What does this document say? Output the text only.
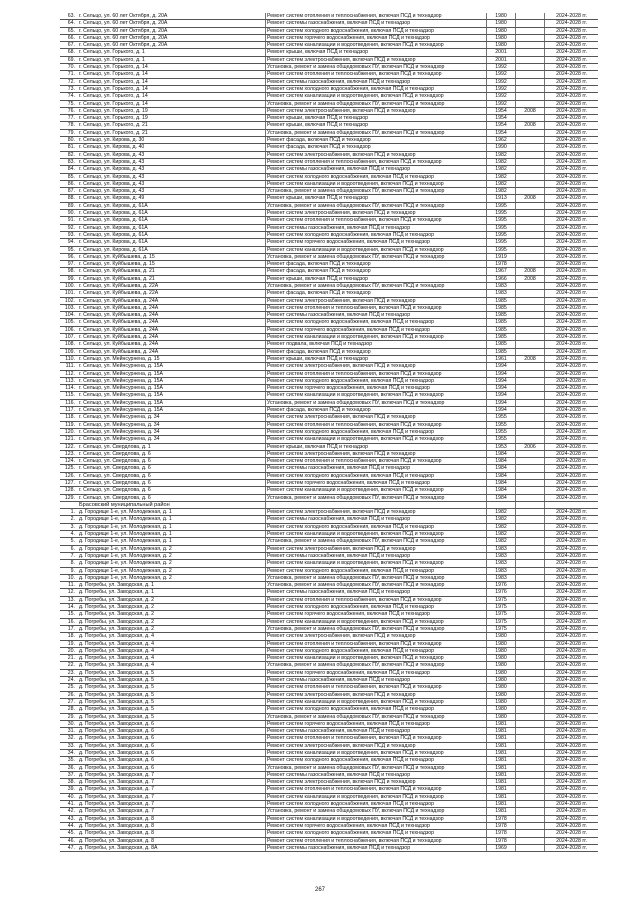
63.	г. Сельцо, ул. 60 лет Октября, д. 20А	Ремонт систем отопления и теплоснабжения, включая ПСД и технадзор	1980		2024-2028 гг.
64.	г. Сельцо, ул. 60 лет Октября, д. 20А	Ремонт системы газоснабжения, включая ПСД и технадзор	1980		2024-2028 гг.
65.	г. Сельцо, ул. 60 лет Октября, д. 20А	Ремонт систем холодного водоснабжения, включая ПСД и технадзор	1980		2024-2028 гг.
66.	г. Сельцо, ул. 60 лет Октября, д. 20А	Ремонт систем горячего водоснабжения, включая ПСД и технадзор	1980		2024-2028 гг.
67.	г. Сельцо, ул. 60 лет Октября, д. 20А	Ремонт систем канализации и водоотведения, включая ПСД и технадзор	1980		2024-2028 гг.
68.	г. Сельцо, ул. Горького, д. 1	Ремонт крыши, включая ПСД и технадзор	2001		2024-2028 гг.
69.	г. Сельцо, ул. Горького, д. 1	Ремонт систем электроснабжения, включая ПСД и технадзор	2001		2024-2028 гг.
70.	г. Сельцо, ул. Горького, д. 14	Установка, ремонт и замена общедомовых ПУ, включая ПСД и технадзор	1992		2024-2028 гг.
71.	г. Сельцо, ул. Горького, д. 14	Ремонт систем отопления и теплоснабжения, включая ПСД и технадзор	1992		2024-2028 гг.
72.	г. Сельцо, ул. Горького, д. 14	Ремонт системы газоснабжения, включая ПСД и технадзор	1992		2024-2028 гг.
73.	г. Сельцо, ул. Горького, д. 14	Ремонт систем холодного водоснабжения, включая ПСД и технадзор	1992		2024-2028 гг.
74.	г. Сельцо, ул. Горького, д. 14	Ремонт систем канализации и водоотведения, включая ПСД и технадзор	1992		2024-2028 гг.
75.	г. Сельцо, ул. Горького, д. 14	Установка, ремонт и замена общедомовых ПУ, включая ПСД и технадзор	1992		2024-2028 гг.
76.	г. Сельцо, ул. Горького, д. 19	Ремонт систем электроснабжения, включая ПСД и технадзор	1954	2008	2024-2028 гг.
77.	г. Сельцо, ул. Горького, д. 19	Ремонт крыши, включая ПСД и технадзор	1954		2024-2028 гг.
78.	г. Сельцо, ул. Горького, д. 21	Ремонт крыши, включая ПСД и технадзор	1954	2008	2024-2028 гг.
79.	г. Сельцо, ул. Горького, д. 21	Установка, ремонт и замена общедомовых ПУ, включая ПСД и технадзор	1954		2024-2028 гг.
80.	г. Сельцо, ул. Кирова, д. 30	Ремонт фасада, включая ПСД и технадзор	1962		2024-2028 гг.
81.	г. Сельцо, ул. Кирова, д. 40	Ремонт фасада, включая ПСД и технадзор	1990		2024-2028 гг.
82.	г. Сельцо, ул. Кирова, д. 43	Ремонт систем электроснабжения, включая ПСД и технадзор	1982		2024-2028 гг.
83.	г. Сельцо, ул. Кирова, д. 43	Ремонт систем отопления и теплоснабжения, включая ПСД и технадзор	1982		2024-2028 гг.
84.	г. Сельцо, ул. Кирова, д. 43	Ремонт системы газоснабжения, включая ПСД и технадзор	1982		2024-2028 гг.
85.	г. Сельцо, ул. Кирова, д. 43	Ремонт систем холодного водоснабжения, включая ПСД и технадзор	1982		2024-2028 гг.
86.	г. Сельцо, ул. Кирова, д. 43	Ремонт систем канализации и водоотведения, включая ПСД и технадзор	1982		2024-2028 гг.
87.	г. Сельцо, ул. Кирова, д. 43	Установка, ремонт и замена общедомовых ПУ, включая ПСД и технадзор	1982		2024-2028 гг.
88.	г. Сельцо, ул. Кирова, д. 49	Ремонт крыши, включая ПСД и технадзор	1913	2008	2024-2028 гг.
89.	г. Сельцо, ул. Кирова, д. 61А	Установка, ремонт и замена общедомовых ПУ, включая ПСД и технадзор	1995		2024-2028 гг.
90.	г. Сельцо, ул. Кирова, д. 61А	Ремонт систем электроснабжения, включая ПСД и технадзор	1995		2024-2028 гг.
91.	г. Сельцо, ул. Кирова, д. 61А	Ремонт систем отопления и теплоснабжения, включая ПСД и технадзор	1995		2024-2028 гг.
92.	г. Сельцо, ул. Кирова, д. 61А	Ремонт системы газоснабжения, включая ПСД и технадзор	1995		2024-2028 гг.
93.	г. Сельцо, ул. Кирова, д. 61А	Ремонт систем холодного водоснабжения, включая ПСД и технадзор	1995		2024-2028 гг.
94.	г. Сельцо, ул. Кирова, д. 61А	Ремонт систем горячего водоснабжения, включая ПСД и технадзор	1995		2024-2028 гг.
95.	г. Сельцо, ул. Кирова, д. 61А	Ремонт систем канализации и водоотведения, включая ПСД и технадзор	1995		2024-2028 гг.
96.	г. Сельцо, ул. Куйбышева, д. 15	Установка, ремонт и замена общедомовых ПУ, включая ПСД и технадзор	1919		2024-2028 гг.
97.	г. Сельцо, ул. Куйбышева, д. 15	Ремонт фасада, включая ПСД и технадзор	1978		2024-2028 гг.
98.	г. Сельцо, ул. Куйбышева, д. 21	Ремонт фасада, включая ПСД и технадзор	1967	2008	2024-2028 гг.
99.	г. Сельцо, ул. Куйбышева, д. 21	Ремонт крыши, включая ПСД и технадзор	1966	2008	2024-2028 гг.
100.	г. Сельцо, ул. Куйбышева, д. 22А	Установка, ремонт и замена общедомовых ПУ, включая ПСД и технадзор	1983		2024-2028 гг.
101.	г. Сельцо, ул. Куйбышева, д. 22А	Ремонт фасада, включая ПСД и технадзор	1983		2024-2028 гг.
102.	г. Сельцо, ул. Куйбышева, д. 24А	Ремонт систем электроснабжения, включая ПСД и технадзор	1985		2024-2028 гг.
103.	г. Сельцо, ул. Куйбышева, д. 24А	Ремонт систем отопления и теплоснабжения, включая ПСД и технадзор	1985		2024-2028 гг.
104.	г. Сельцо, ул. Куйбышева, д. 24А	Ремонт системы газоснабжения, включая ПСД и технадзор	1985		2024-2028 гг.
105.	г. Сельцо, ул. Куйбышева, д. 24А	Ремонт систем холодного водоснабжения, включая ПСД и технадзор	1985		2024-2028 гг.
106.	г. Сельцо, ул. Куйбышева, д. 24А	Ремонт систем горячего водоснабжения, включая ПСД и технадзор	1985		2024-2028 гг.
107.	г. Сельцо, ул. Куйбышева, д. 24А	Ремонт систем канализации и водоотведения, включая ПСД и технадзор	1985		2024-2028 гг.
108.	г. Сельцо, ул. Куйбышева, д. 24А	Ремонт подвала, включая ПСД и технадзор	1985		2024-2028 гг.
109.	г. Сельцо, ул. Куйбышева, д. 24А	Ремонт фасада, включая ПСД и технадзор	1985		2024-2028 гг.
110.	г. Сельцо, ул. Мейнсурнена, д. 15	Ремонт крыши, включая ПСД и технадзор	1961	2008	2024-2028 гг.
111.	г. Сельцо, ул. Мейнсурнена, д. 15А	Ремонт систем электроснабжения, включая ПСД и технадзор	1994		2024-2028 гг.
112.	г. Сельцо, ул. Мейнсурнена, д. 15А	Ремонт систем отопления и теплоснабжения, включая ПСД и технадзор	1994		2024-2028 гг.
113.	г. Сельцо, ул. Мейнсурнена, д. 15А	Ремонт систем холодного водоснабжения, включая ПСД и технадзор	1994		2024-2028 гг.
114.	г. Сельцо, ул. Мейнсурнена, д. 15А	Ремонт систем горячего водоснабжения, включая ПСД и технадзор	1994		2024-2028 гг.
115.	г. Сельцо, ул. Мейнсурнена, д. 15А	Ремонт систем канализации и водоотведения, включая ПСД и технадзор	1994		2024-2028 гг.
116.	г. Сельцо, ул. Мейнсурнена, д. 15А	Установка, ремонт и замена общедомовых ПУ, включая ПСД и технадзор	1994		2024-2028 гг.
117.	г. Сельцо, ул. Мейнсурнена, д. 15А	Ремонт фасада, включая ПСД и технадзор	1994		2024-2028 гг.
118.	г. Сельцо, ул. Мейнсурнена, д. 34	Ремонт систем электроснабжения, включая ПСД и технадзор	1955		2024-2028 гг.
119.	г. Сельцо, ул. Мейнсурнена, д. 34	Ремонт систем отопления и теплоснабжения, включая ПСД и технадзор	1955		2024-2028 гг.
120.	г. Сельцо, ул. Мейнсурнена, д. 34	Ремонт систем холодного водоснабжения, включая ПСД и технадзор	1955		2024-2028 гг.
121.	г. Сельцо, ул. Мейнсурнена, д. 34	Ремонт систем канализации и водоотведения, включая ПСД и технадзор	1955		2024-2028 гг.
122.	г. Сельцо, ул. Свердлова, д. 1	Ремонт крыши, включая ПСД и технадзор	1953	2006	2024-2028 гг.
123.	г. Сельцо, ул. Свердлова, д. 6	Ремонт систем электроснабжения, включая ПСД и технадзор	1984		2024-2028 гг.
124.	г. Сельцо, ул. Свердлова, д. 6	Ремонт систем отопления и теплоснабжения, включая ПСД и технадзор	1984		2024-2028 гг.
125.	г. Сельцо, ул. Свердлова, д. 6	Ремонт системы газоснабжения, включая ПСД и технадзор	1984		2024-2028 гг.
126.	г. Сельцо, ул. Свердлова, д. 6	Ремонт систем холодного водоснабжения, включая ПСД и технадзор	1984		2024-2028 гг.
127.	г. Сельцо, ул. Свердлова, д. 6	Ремонт систем горячего водоснабжения, включая ПСД и технадзор	1984		2024-2028 гг.
128.	г. Сельцо, ул. Свердлова, д. 6	Ремонт систем канализации и водоотведения, включая ПСД и технадзор	1984		2024-2028 гг.
129.	г. Сельцо, ул. Свердлова, д. 6	Установка, ремонт и замена общедомовых ПУ, включая ПСД и технадзор	1984		2024-2028 гг.
	Брасовский муниципальный район				
1.	д. Городище 1-е, ул. Молодежная, д. 1	Ремонт систем электроснабжения, включая ПСД и технадзор	1982		2024-2028 гг.
2.	д. Городище 1-е, ул. Молодежная, д. 1	Ремонт системы газоснабжения, включая ПСД и технадзор	1982		2024-2028 гг.
3.	д. Городище 1-е, ул. Молодежная, д. 1	Ремонт систем холодного водоснабжения, включая ПСД и технадзор	1982		2024-2028 гг.
4.	д. Городище 1-е, ул. Молодежная, д. 1	Ремонт систем канализации и водоотведения, включая ПСД и технадзор	1982		2024-2028 гг.
5.	д. Городище 1-е, ул. Молодежная, д. 1	Установка, ремонт и замена общедомовых ПУ, включая ПСД и технадзор	1982		2024-2028 гг.
6.	д. Городище 1-е, ул. Молодежная, д. 2	Ремонт систем электроснабжения, включая ПСД и технадзор	1983		2024-2028 гг.
7.	д. Городище 1-е, ул. Молодежная, д. 2	Ремонт системы газоснабжения, включая ПСД и технадзор	1983		2024-2028 гг.
8.	д. Городище 1-е, ул. Молодежная, д. 2	Ремонт систем канализации и водоотведения, включая ПСД и технадзор	1983		2024-2028 гг.
9.	д. Городище 1-е, ул. Молодежная, д. 2	Ремонт систем холодного водоснабжения, включая ПСД и технадзор	1983		2024-2028 гг.
10.	д. Городище 1-е, ул. Молодежная, д. 2	Установка, ремонт и замена общедомовых ПУ, включая ПСД и технадзор	1983		2024-2028 гг.
11.	д. Погребы, ул. Заводская, д. 1	Установка, ремонт и замена общедомовых ПУ, включая ПСД и технадзор	1976		2024-2028 гг.
12.	д. Погребы, ул. Заводская, д. 1	Ремонт системы газоснабжения, включая ПСД и технадзор	1976		2024-2028 гг.
13.	д. Погребы, ул. Заводская, д. 2	Ремонт систем отопления и теплоснабжения, включая ПСД и технадзор	1975		2024-2028 гг.
14.	д. Погребы, ул. Заводская, д. 2	Ремонт систем холодного водоснабжения, включая ПСД и технадзор	1975		2024-2028 гг.
15.	д. Погребы, ул. Заводская, д. 2	Ремонт систем горячего водоснабжения, включая ПСД и технадзор	1975		2024-2028 гг.
16.	д. Погребы, ул. Заводская, д. 2	Ремонт систем канализации и водоотведения, включая ПСД и технадзор	1975		2024-2028 гг.
17.	д. Погребы, ул. Заводская, д. 2	Установка, ремонт и замена общедомовых ПУ, включая ПСД и технадзор	1975		2024-2028 гг.
18.	д. Погребы, ул. Заводская, д. 4	Ремонт систем электроснабжения, включая ПСД и технадзор	1980		2024-2028 гг.
19.	д. Погребы, ул. Заводская, д. 4	Ремонт систем отопления и теплоснабжения, включая ПСД и технадзор	1980		2024-2028 гг.
20.	д. Погребы, ул. Заводская, д. 4	Ремонт систем холодного водоснабжения, включая ПСД и технадзор	1980		2024-2028 гг.
21.	д. Погребы, ул. Заводская, д. 4	Ремонт систем канализации и водоотведения, включая ПСД и технадзор	1980		2024-2028 гг.
22.	д. Погребы, ул. Заводская, д. 4	Установка, ремонт и замена общедомовых ПУ, включая ПСД и технадзор	1980		2024-2028 гг.
23.	д. Погребы, ул. Заводская, д. 5	Ремонт систем горячего водоснабжения, включая ПСД и технадзор	1980		2024-2028 гг.
24.	д. Погребы, ул. Заводская, д. 5	Ремонт системы газоснабжения, включая ПСД и технадзор	1980		2024-2028 гг.
25.	д. Погребы, ул. Заводская, д. 5	Ремонт систем отопления и теплоснабжения, включая ПСД и технадзор	1980		2024-2028 гг.
26.	д. Погребы, ул. Заводская, д. 5	Ремонт систем электроснабжения, включая ПСД и технадзор	1980		2024-2028 гг.
27.	д. Погребы, ул. Заводская, д. 5	Ремонт систем канализации и водоотведения, включая ПСД и технадзор	1980		2024-2028 гг.
28.	д. Погребы, ул. Заводская, д. 5	Ремонт систем холодного водоснабжения, включая ПСД и технадзор	1980		2024-2028 гг.
29.	д. Погребы, ул. Заводская, д. 5	Установка, ремонт и замена общедомовых ПУ, включая ПСД и технадзор	1980		2024-2028 гг.
30.	д. Погребы, ул. Заводская, д. 6	Ремонт систем горячего водоснабжения, включая ПСД и технадзор	1981		2024-2028 гг.
31.	д. Погребы, ул. Заводская, д. 6	Ремонт системы газоснабжения, включая ПСД и технадзор	1981		2024-2028 гг.
32.	д. Погребы, ул. Заводская, д. 6	Ремонт систем отопления и теплоснабжения, включая ПСД и технадзор	1981		2024-2028 гг.
33.	д. Погребы, ул. Заводская, д. 6	Ремонт систем электроснабжения, включая ПСД и технадзор	1981		2024-2028 гг.
34.	д. Погребы, ул. Заводская, д. 6	Ремонт систем канализации и водоотведения, включая ПСД и технадзор	1981		2024-2028 гг.
35.	д. Погребы, ул. Заводская, д. 6	Ремонт систем холодного водоснабжения, включая ПСД и технадзор	1981		2024-2028 гг.
36.	д. Погребы, ул. Заводская, д. 6	Установка, ремонт и замена общедомовых ПУ, включая ПСД и технадзор	1981		2024-2028 гг.
37.	д. Погребы, ул. Заводская, д. 7	Ремонт системы газоснабжения, включая ПСД и технадзор	1981		2024-2028 гг.
38.	д. Погребы, ул. Заводская, д. 7	Ремонт систем электроснабжения, включая ПСД и технадзор	1981		2024-2028 гг.
39.	д. Погребы, ул. Заводская, д. 7	Ремонт систем отопления и теплоснабжения, включая ПСД и технадзор	1981		2024-2028 гг.
40.	д. Погребы, ул. Заводская, д. 7	Ремонт систем канализации и водоотведения, включая ПСД и технадзор	1981		2024-2028 гг.
41.	д. Погребы, ул. Заводская, д. 7	Ремонт систем холодного водоснабжения, включая ПСД и технадзор	1981		2024-2028 гг.
42.	д. Погребы, ул. Заводская, д. 7	Установка, ремонт и замена общедомовых ПУ, включая ПСД и технадзор	1981		2024-2028 гг.
43.	д. Погребы, ул. Заводская, д. 8	Ремонт систем канализации и водоотведения, включая ПСД и технадзор	1978		2024-2028 гг.
44.	д. Погребы, ул. Заводская, д. 8	Ремонт систем горячего водоснабжения, включая ПСД и технадзор	1978		2024-2028 гг.
45.	д. Погребы, ул. Заводская, д. 8	Ремонт систем холодного водоснабжения, включая ПСД и технадзор	1978		2024-2028 гг.
46.	д. Погребы, ул. Заводская, д. 8	Ремонт систем отопления и теплоснабжения, включая ПСД и технадзор	1978		2024-2028 гг.
47.	д. Погребы, ул. Заводская, д. 8А	Ремонт системы газоснабжения, включая ПСД и технадзор	1969		2024-2028 гг.
267
